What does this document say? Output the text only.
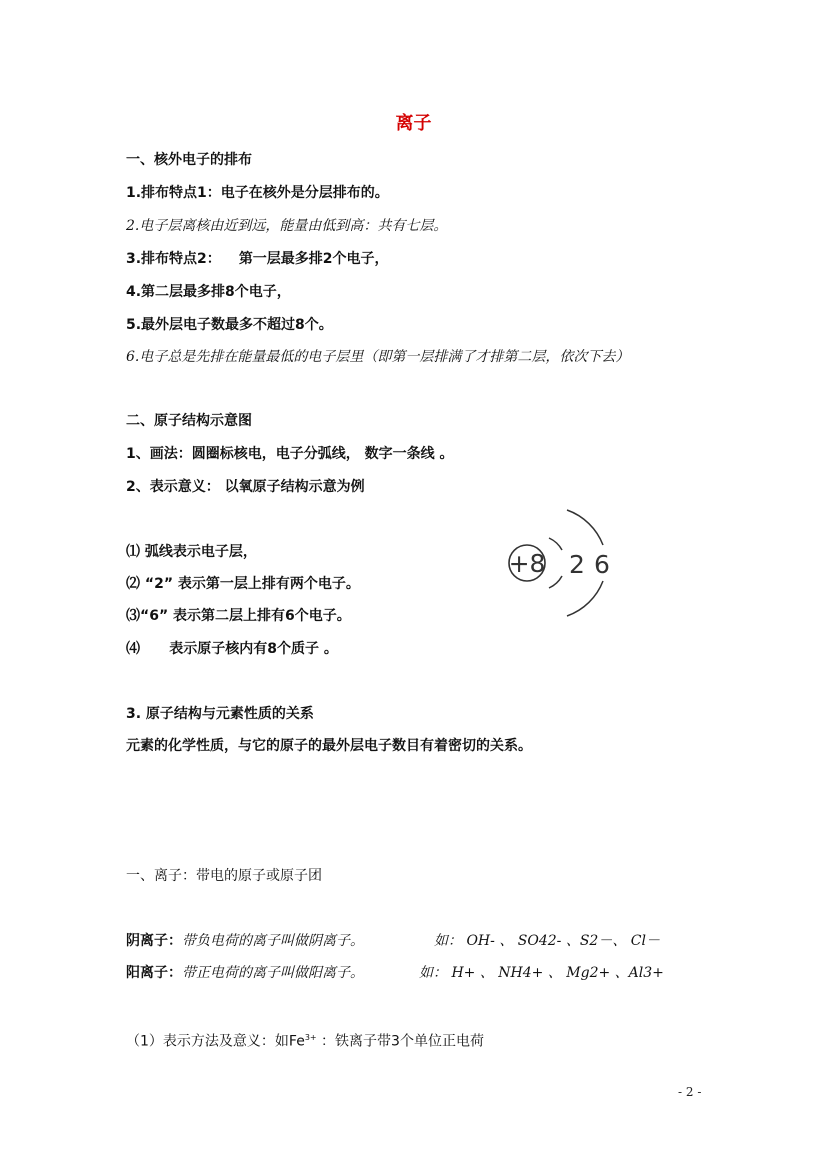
离子
一、核外电子的排布
1.排布特点1：电子在核外是分层排布的。
2.电子层离核由近到远，能量由低到高：共有七层。
3.排布特点2： 第一层最多排2个电子，
4.第二层最多排8个电子，
5.最外层电子数最多不超过8个。
6.电子总是先排在能量最低的电子层里（即第一层排满了才排第二层，依次下去）
二、原子结构示意图
1、画法：圆圈标核电，电子分弧线， 数字一条线 。
2、表示意义： 以氧原子结构示意为例
⑴ 弧线表示电子层，
⑵ “2” 表示第一层上排有两个电子。
⑶“6” 表示第二层上排有6个电子。
⑷      表示原子核内有8个质子 。
+8 2 6
3. 原子结构与元素性质的关系
元素的化学性质，与它的原子的最外层电子数目有着密切的关系。
一、离子：带电的原子或原子团
阴离子：带负电荷的离子叫做阴离子。	如： OH- 、 SO42- 、S2－、 Cl－
阳离子：带正电荷的离子叫做阳离子。	如： H+ 、 NH4+ 、 Mg2+ 、Al3+
（1）表示方法及意义：如$Fe^{3+}$ ：铁离子带3个单位正电荷
- 2 -
